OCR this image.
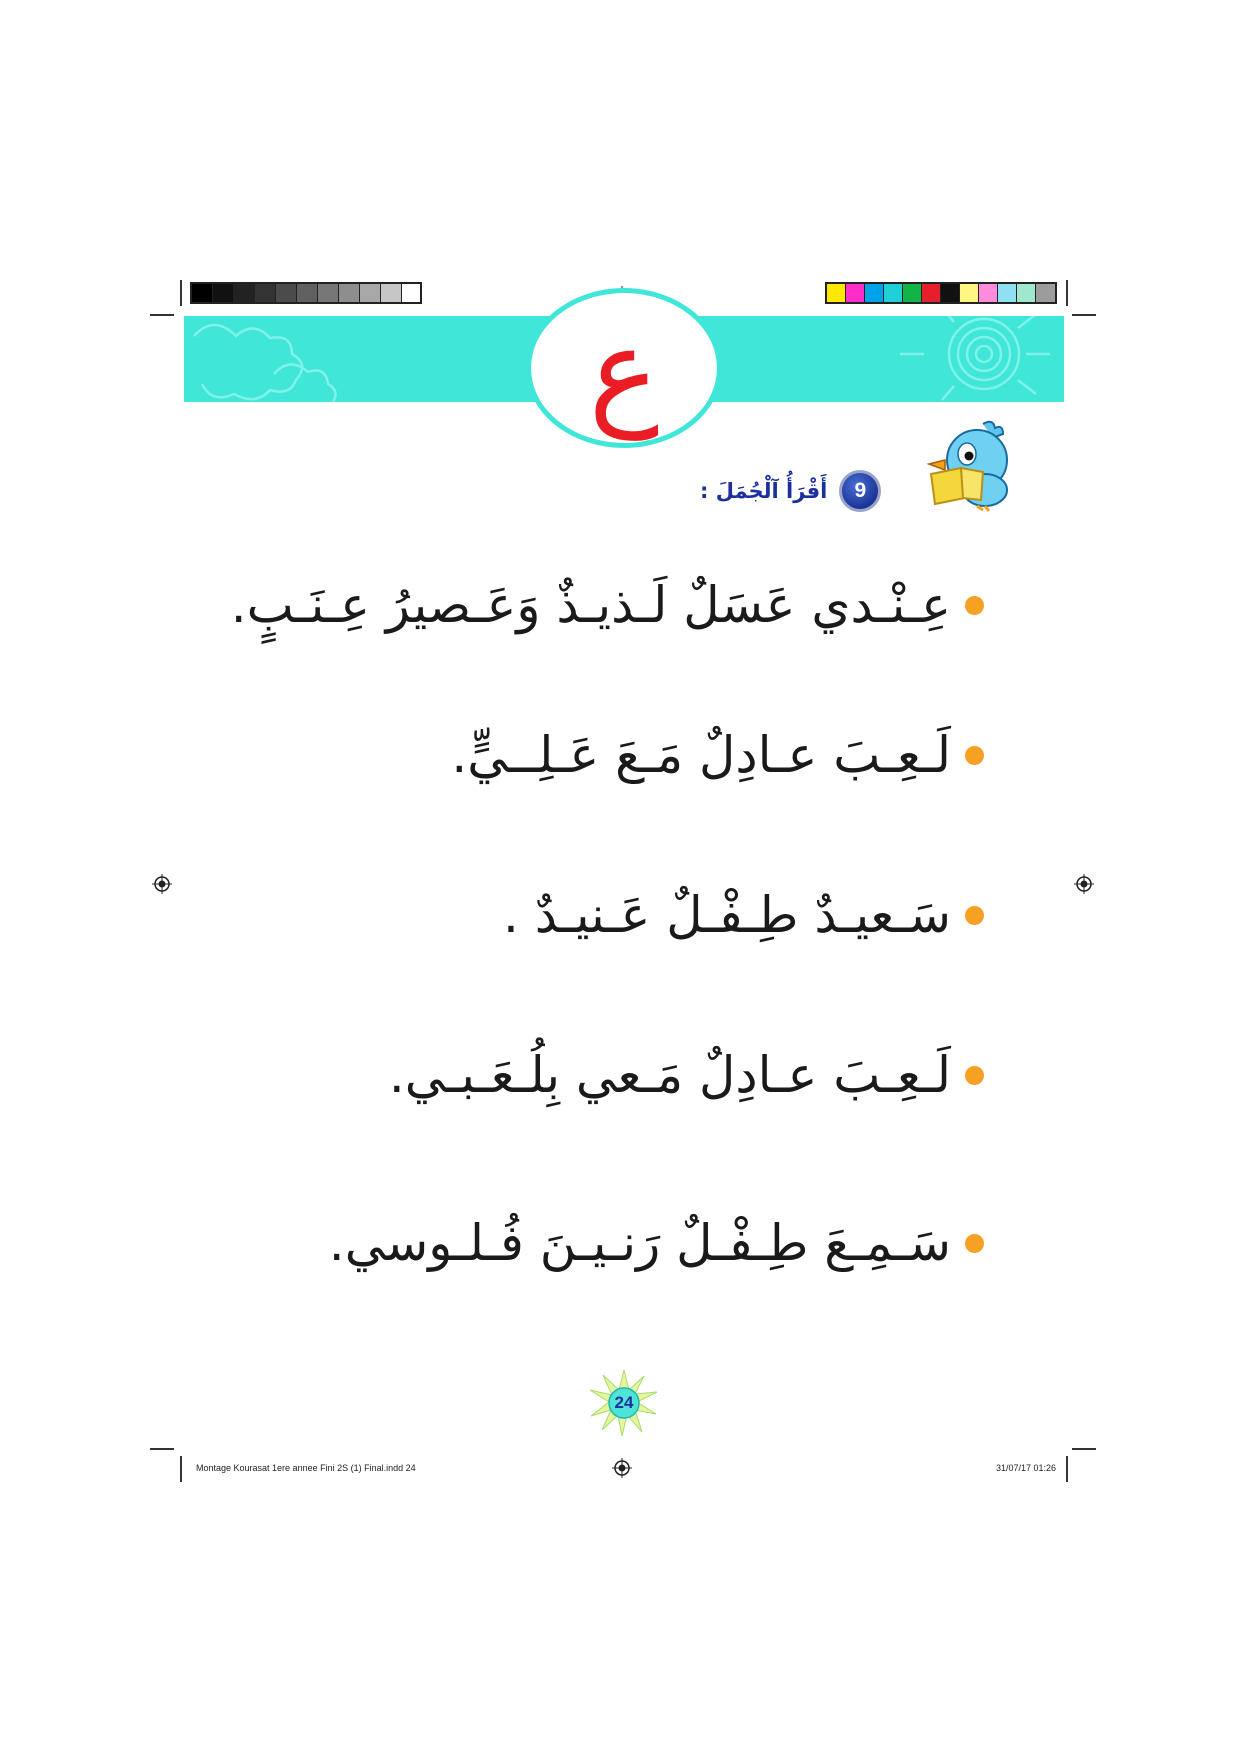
ع
9
أَقْرَأُ آلْجُمَلَ :
عِـنْـدي عَسَلٌ لَـذيـذٌ وَعَـصيرُ عِـنَـبٍ.
لَـعِـبَ عـادِلٌ مَـعَ عَـلِــيٍّ.
سَـعيـدٌ طِـفْـلٌ عَـنيـدٌ .
لَـعِـبَ عـادِلٌ مَـعي بِلُـعَـبـي.
سَـمِـعَ طِـفْـلٌ رَنـيـنَ فُـلـوسي.
24
Montage Kourasat 1ere annee Fini 2S (1) Final.indd 24	31/07/17 01:26
